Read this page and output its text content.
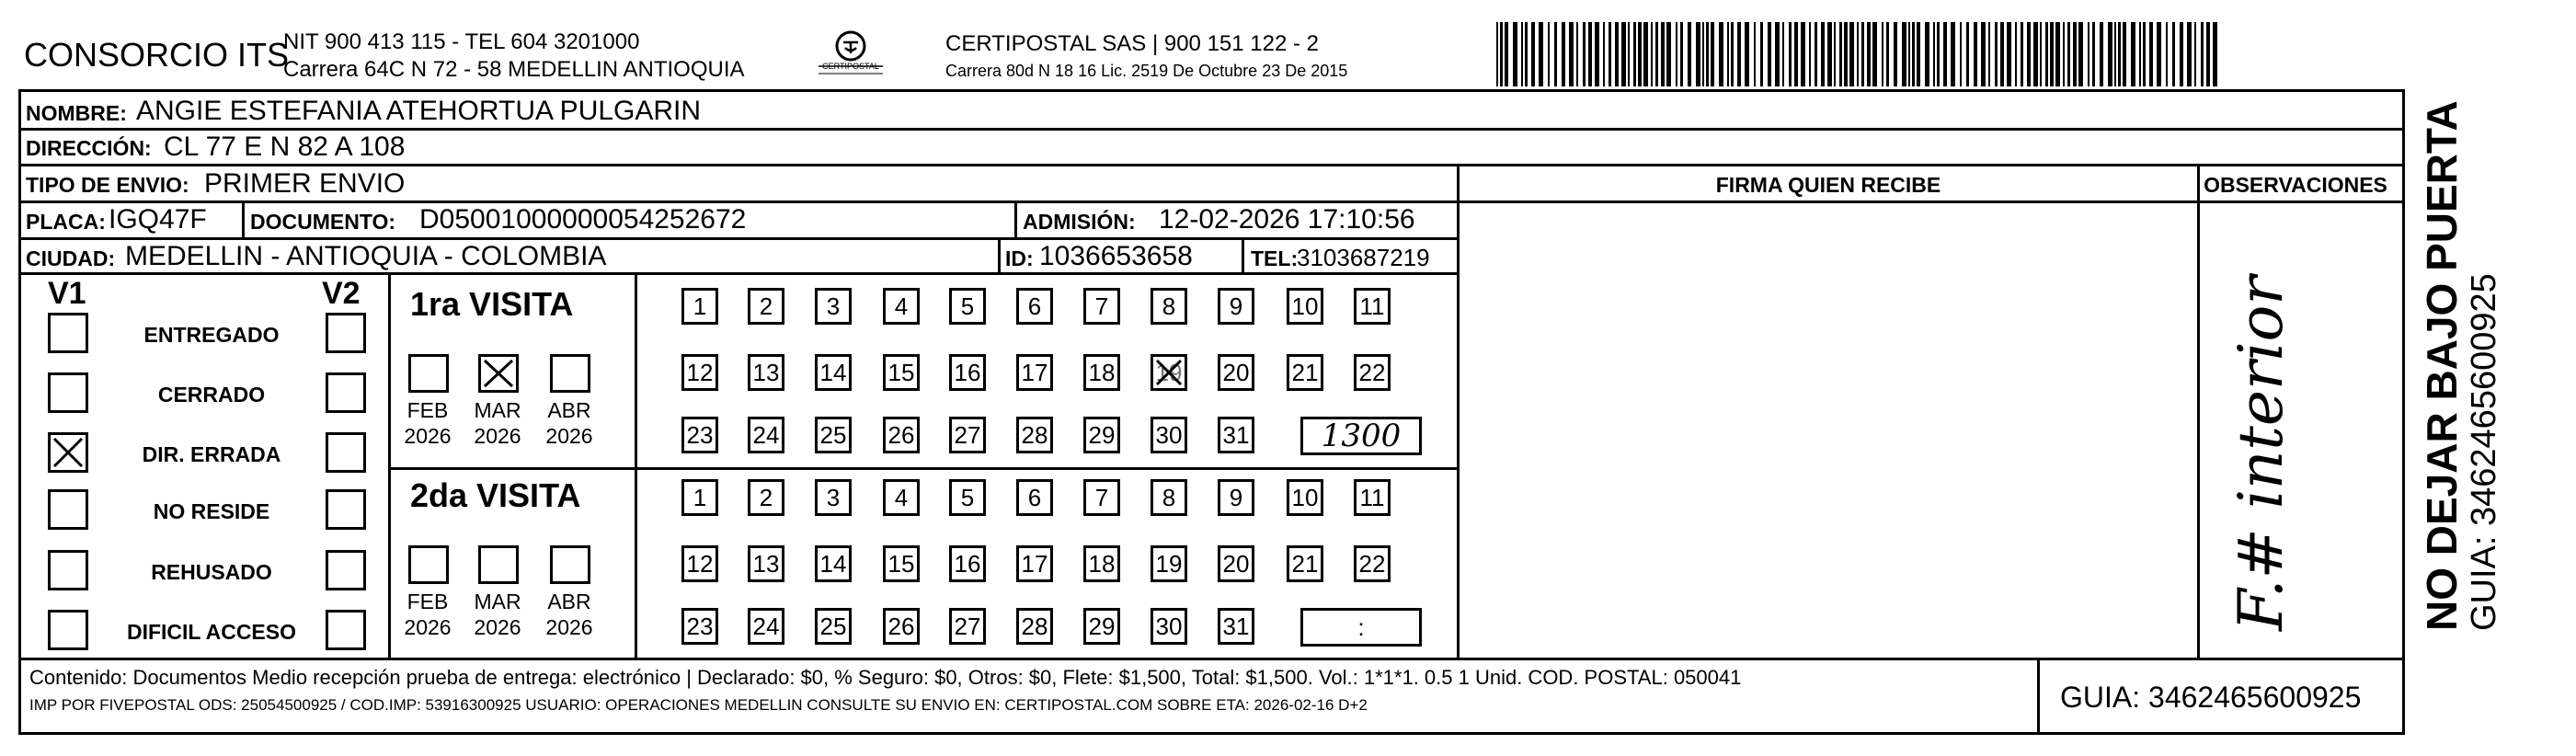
CONSORCIO ITS
NIT 900 413 115 - TEL 604 3201000
Carrera 64C N 72 - 58 MEDELLIN ANTIOQUIA	CERTIPOSTAL
CERTIPOSTAL SAS | 900 151 122 - 2
Carrera 80d N 18 16 Lic. 2519 De Octubre 23 De 2015
NOMBRE: ANGIE ESTEFANIA ATEHORTUA PULGARIN
DIRECCIÓN: CL 77 E N 82 A 108
TIPO DE ENVIO: PRIMER ENVIO	FIRMA QUIEN RECIBE	OBSERVACIONES
PLACA: IGQ47F DOCUMENTO: D05001000000054252672	ADMISIÓN: 12-02-2026 17:10:56
CIUDAD: MEDELLIN - ANTIOQUIA - COLOMBIA	ID: 1036653658	TEL:
3103687219
V1	V2
ENTREGADO
CERRADO
DIR. ERRADA
NO RESIDE
REHUSADO
DIFICIL ACCESO
1ra VISITA
2da VISITA
FEB
2026
MAR
2026
ABR
2026
1	2	3	4	5	6	7	8	9	10 11
12 13 14 15 16 17 18 19 20 21 22
23 24 25 26 27 28 29 30 31	1300
FEB
2026
MAR
2026
ABR
2026
1	2	3	4	5	6	7	8	9	10 11
12 13 14 15 16 17 18 19 20 21 22
23 24 25 26 27 28 29 30 31	:	F.# interior
Contenido: Documentos Medio recepción prueba de entrega: electrónico | Declarado: $0, % Seguro: $0, Otros: $0, Flete: $1,500, Total: $1,500. Vol.: 1*1*1. 0.5 1 Unid. COD. POSTAL: 050041
IMP POR FIVEPOSTAL ODS: 25054500925 / COD.IMP: 53916300925 USUARIO: OPERACIONES MEDELLIN CONSULTE SU ENVIO EN: CERTIPOSTAL.COM SOBRE ETA: 2026-02-16 D+2	GUIA: 3462465600925
NO DEJAR BAJO PUERTA GUIA: 3462465600925
